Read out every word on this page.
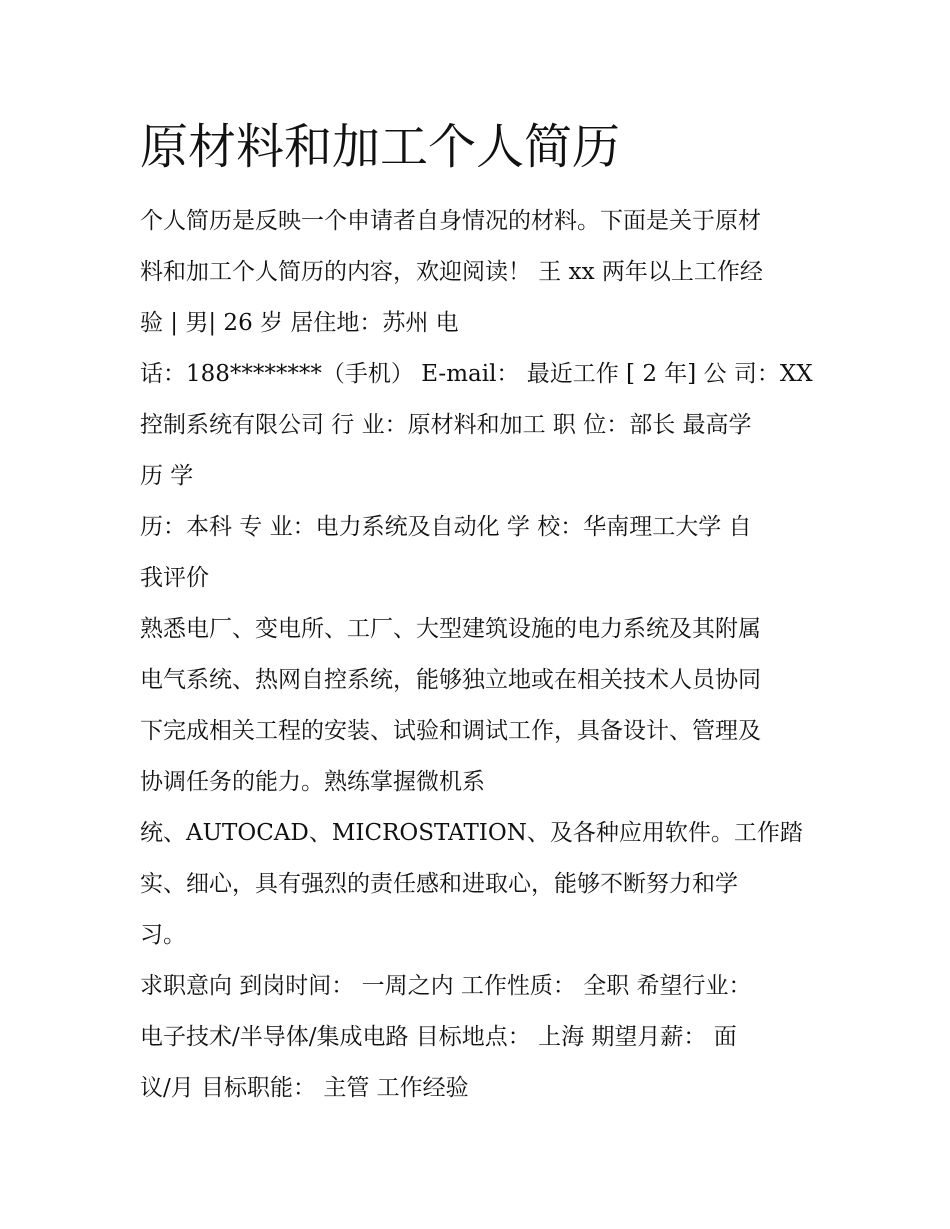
原材料和加工个人简历
个人简历是反映一个申请者自身情况的材料。下面是关于原材
料和加工个人简历的内容，欢迎阅读！ 王 xx 两年以上工作经
验 | 男| 26 岁 居住地：苏州 电
话：188********（手机） E-mail： 最近工作 [ 2 年] 公 司：XX
控制系统有限公司 行 业：原材料和加工 职 位：部长 最高学
历 学
历：本科 专 业：电力系统及自动化 学 校：华南理工大学 自
我评价
熟悉电厂、变电所、工厂、大型建筑设施的电力系统及其附属
电气系统、热网自控系统，能够独立地或在相关技术人员协同
下完成相关工程的安装、试验和调试工作，具备设计、管理及
协调任务的能力。熟练掌握微机系
统、AUTOCAD、MICROSTATION、及各种应用软件。工作踏
实、细心，具有强烈的责任感和进取心，能够不断努力和学
习。
求职意向 到岗时间： 一周之内 工作性质： 全职 希望行业：
电子技术/半导体/集成电路 目标地点： 上海 期望月薪： 面
议/月 目标职能： 主管 工作经验
